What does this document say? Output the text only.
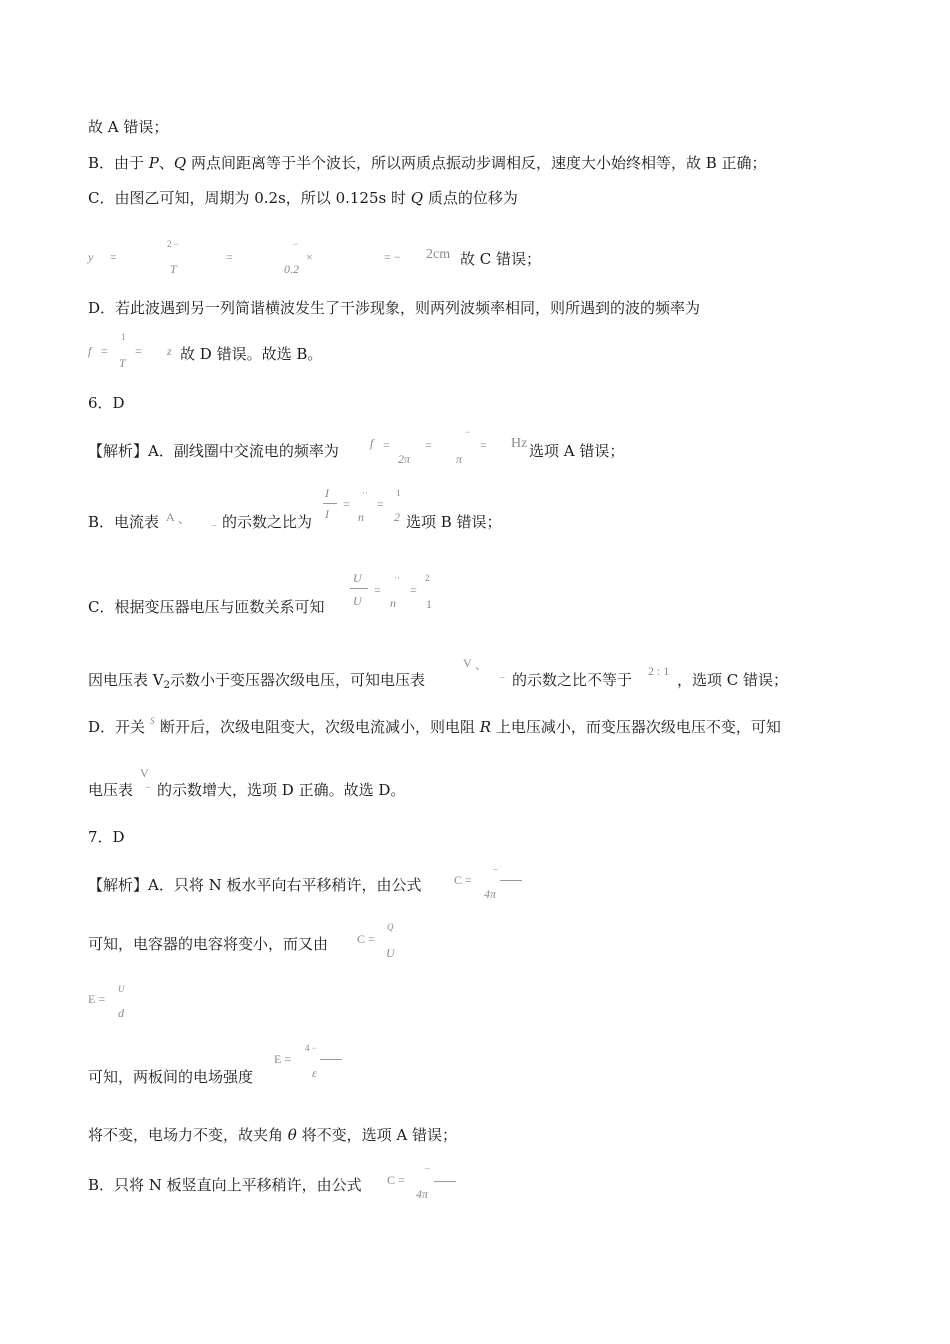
故 A 错误；
B．由于 P、Q 两点间距离等于半个波长，所以两质点振动步调相反，速度大小始终相等，故 B 正确；
C．由图乙可知，周期为 0.2s，所以 0.125s 时 Q 质点的位移为
y =
2 −
T
=
−
0.2
×	= − 2cm 故 C 错误；
D．若此波遇到另一列简谐横波发生了干涉现象，则两列波频率相同，则所遇到的波的频率为
f =
1
T
= z 故 D 错误。故选 B。
6．D
【解析】A．副线圈中交流电的频率为	f =
2π
=
−
π
= Hz 选项 A 错误；
B．电流表 A 、 – 的示数之比为
I
I
=
··
n
=
1
2 选项 B 错误；
C．根据变压器电压与匝数关系可知
U
U
=
··
n
=
2
1
因电压表 $V_2$示数小于变压器次级电压，可知电压表
V 、
– 的示数之比不等于 2 : 1 ，选项 C 错误；
D．开关 S 断开后，次级电阻变大，次级电流减小，则电阻 R 上电压减小，而变压器次级电压不变，可知
电压表
V
– 的示数增大，选项 D 正确。故选 D。
7．D
【解析】A．只将 N 板水平向右平移稍许，由公式	C =
–
4π
可知，电容器的电容将变小，而又由 C =
Q
U
E =
U
d
可知，两板间的电场强度
E =
4 −
ε
将不变，电场力不变，故夹角 θ 将不变，选项 A 错误；
B．只将 N 板竖直向上平移稍许，由公式 C =
–
4π
